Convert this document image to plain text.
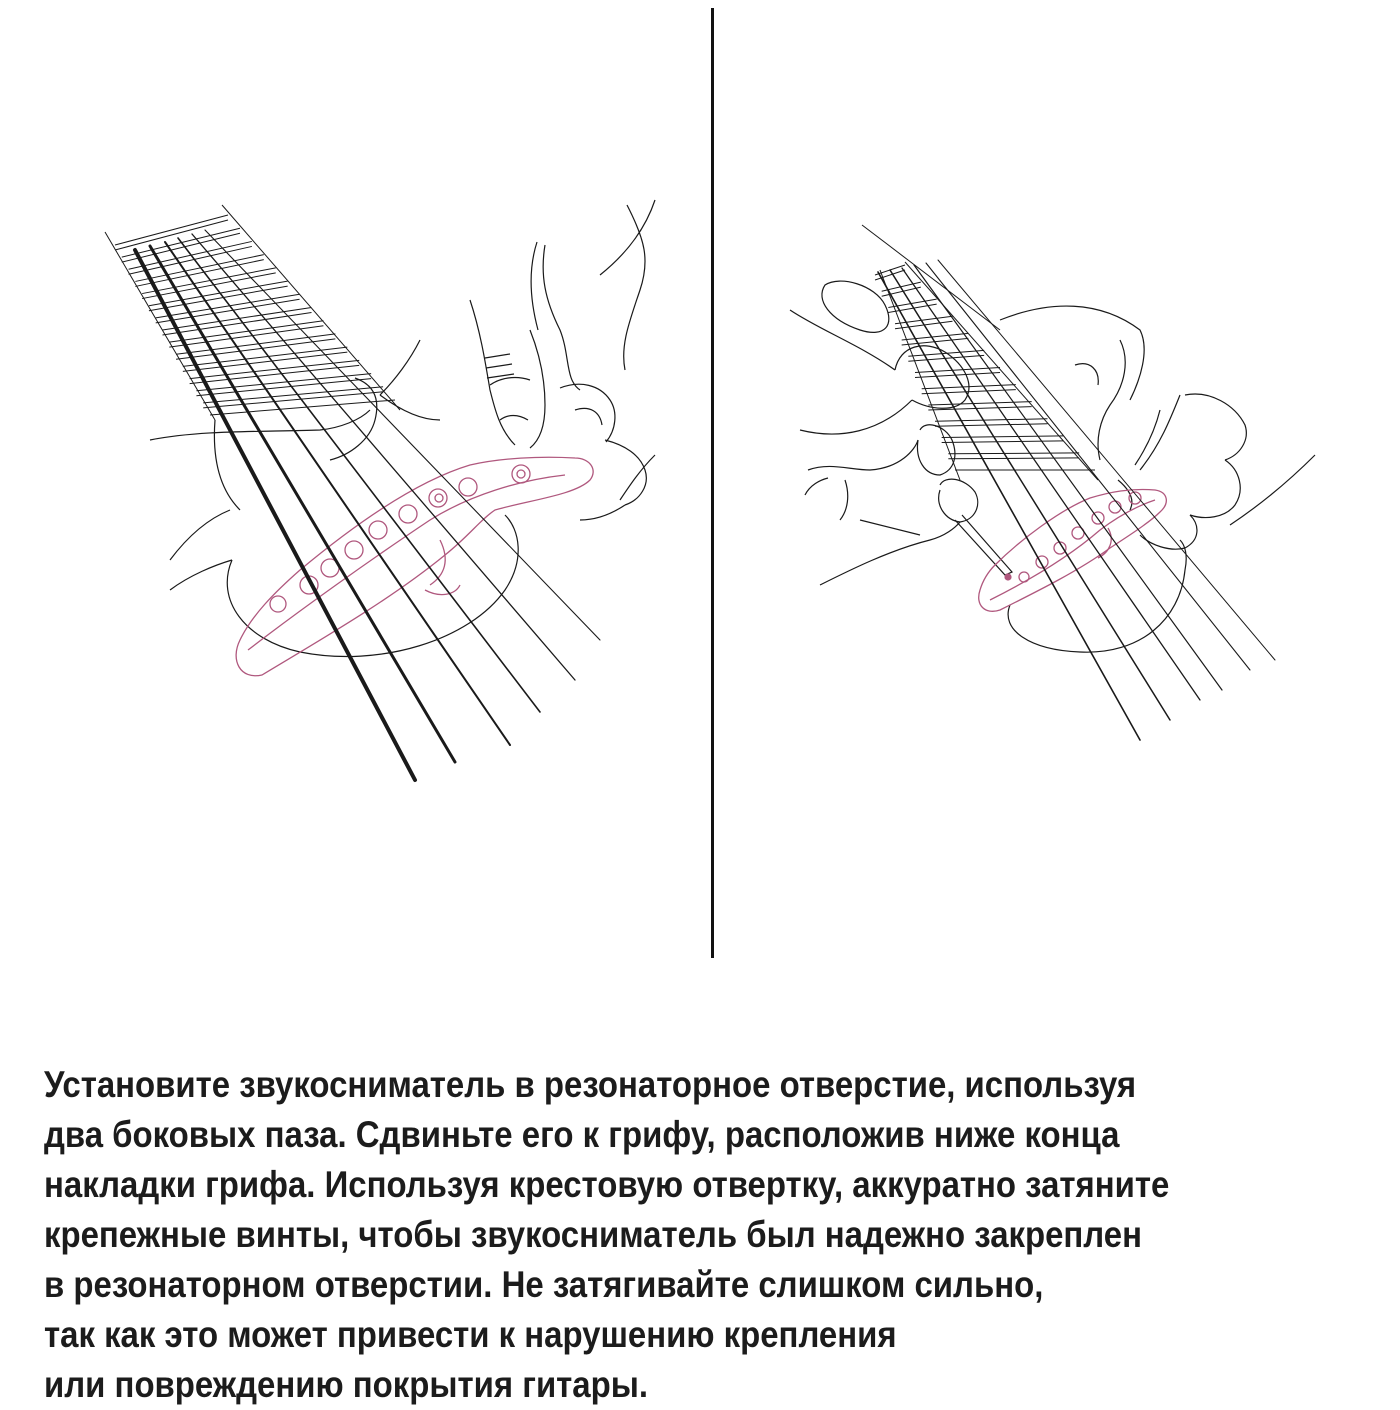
Установите звукосниматель в резонаторное отверстие, используя
два боковых паза. Сдвиньте его к грифу, расположив ниже конца
накладки грифа. Используя крестовую отвертку, аккуратно затяните
крепежные винты, чтобы звукосниматель был надежно закреплен
в резонаторном отверстии. Не затягивайте слишком сильно,
так как это может привести к нарушению крепления
или повреждению покрытия гитары.
